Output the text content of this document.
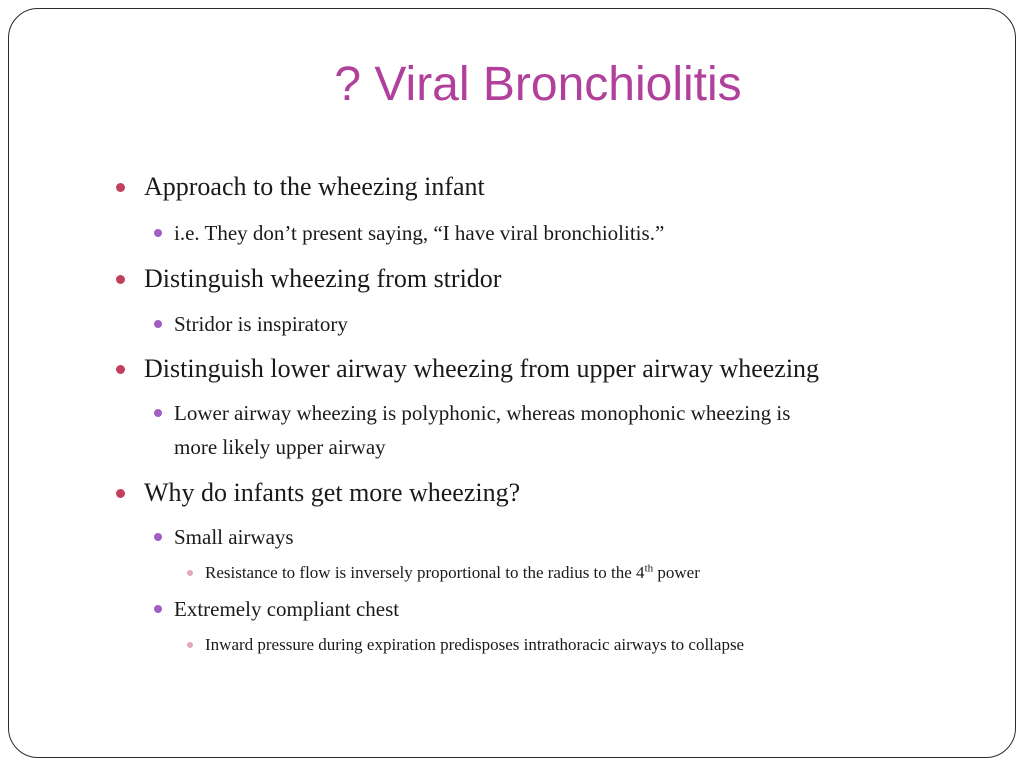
? Viral Bronchiolitis
Approach to the wheezing infant
i.e. They don’t present saying, “I have viral bronchiolitis.”
Distinguish wheezing from stridor
Stridor is inspiratory
Distinguish lower airway wheezing from upper airway wheezing
Lower airway wheezing is polyphonic, whereas monophonic wheezing is
more likely upper airway
Why do infants get more wheezing?
Small airways
Resistance to flow is inversely proportional to the radius to the 4th power
Extremely compliant chest
Inward pressure during expiration predisposes intrathoracic airways to collapse
